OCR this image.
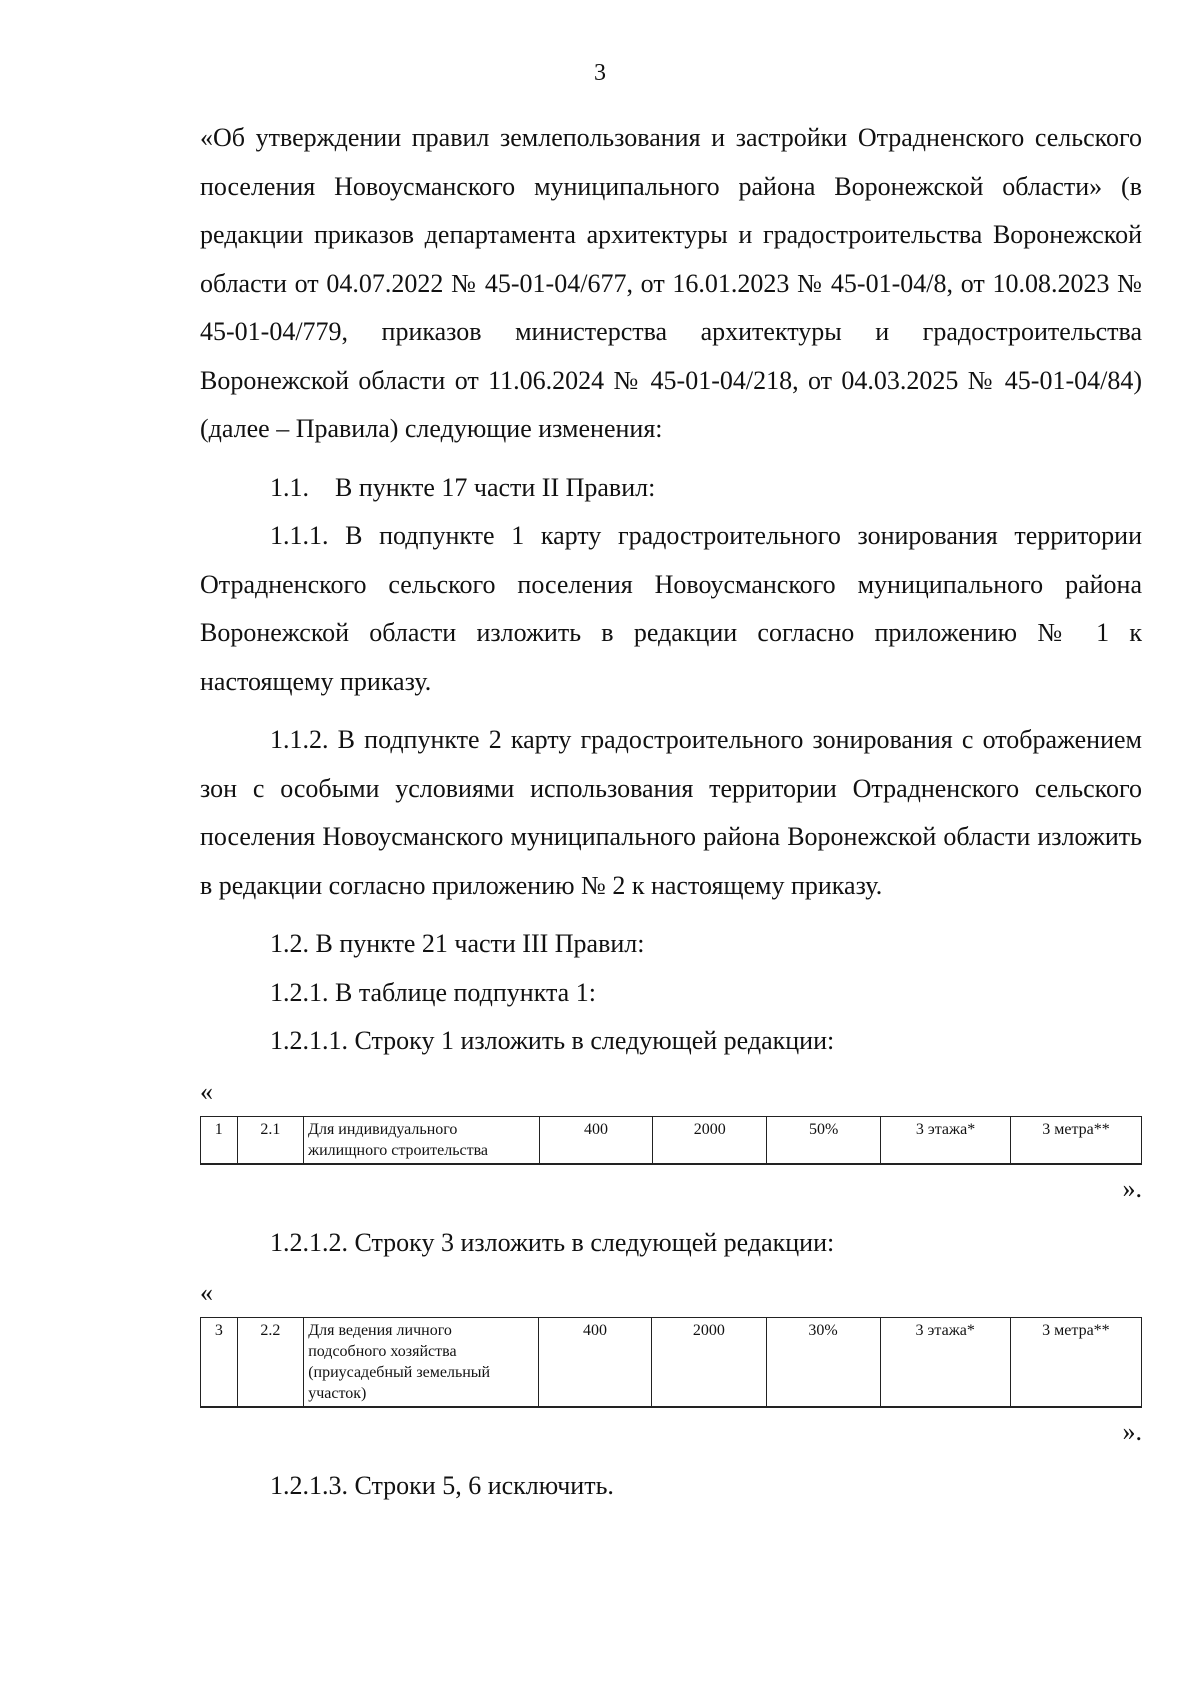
3

«Об утверждении правил землепользования и застройки Отрадненского сельского поселения Новоусманского муниципального района Воронежской области» (в редакции приказов департамента архитектуры и градостроительства Воронежской области от 04.07.2022 № 45-01-04/677, от 16.01.2023 № 45-01-04/8, от 10.08.2023 № 45-01-04/779, приказов министерства архитектуры и градостроительства Воронежской области от 11.06.2024 № 45-01-04/218, от 04.03.2025 № 45-01-04/84) (далее – Правила) следующие изменения:

1.1.    В пункте 17 части II Правил:

1.1.1. В подпункте 1 карту градостроительного зонирования территории Отрадненского сельского поселения Новоусманского муниципального района Воронежской области изложить в редакции согласно приложению № 1 к настоящему приказу.

1.1.2. В подпункте 2 карту градостроительного зонирования с отображением зон с особыми условиями использования территории Отрадненского сельского поселения Новоусманского муниципального района Воронежской области изложить в редакции согласно приложению № 2 к настоящему приказу.

1.2. В пункте 21 части III Правил:

1.2.1. В таблице подпункта 1:

1.2.1.1. Строку 1 изложить в следующей редакции:

«

1	2.1	Для индивидуального жилищного строительства	400	2000	50%	3 этажа*	3 метра**

».

1.2.1.2. Строку 3 изложить в следующей редакции:

«

3	2.2	Для ведения личного подсобного хозяйства (приусадебный земельный участок)	400	2000	30%	3 этажа*	3 метра**

».

1.2.1.3. Строки 5, 6 исключить.
